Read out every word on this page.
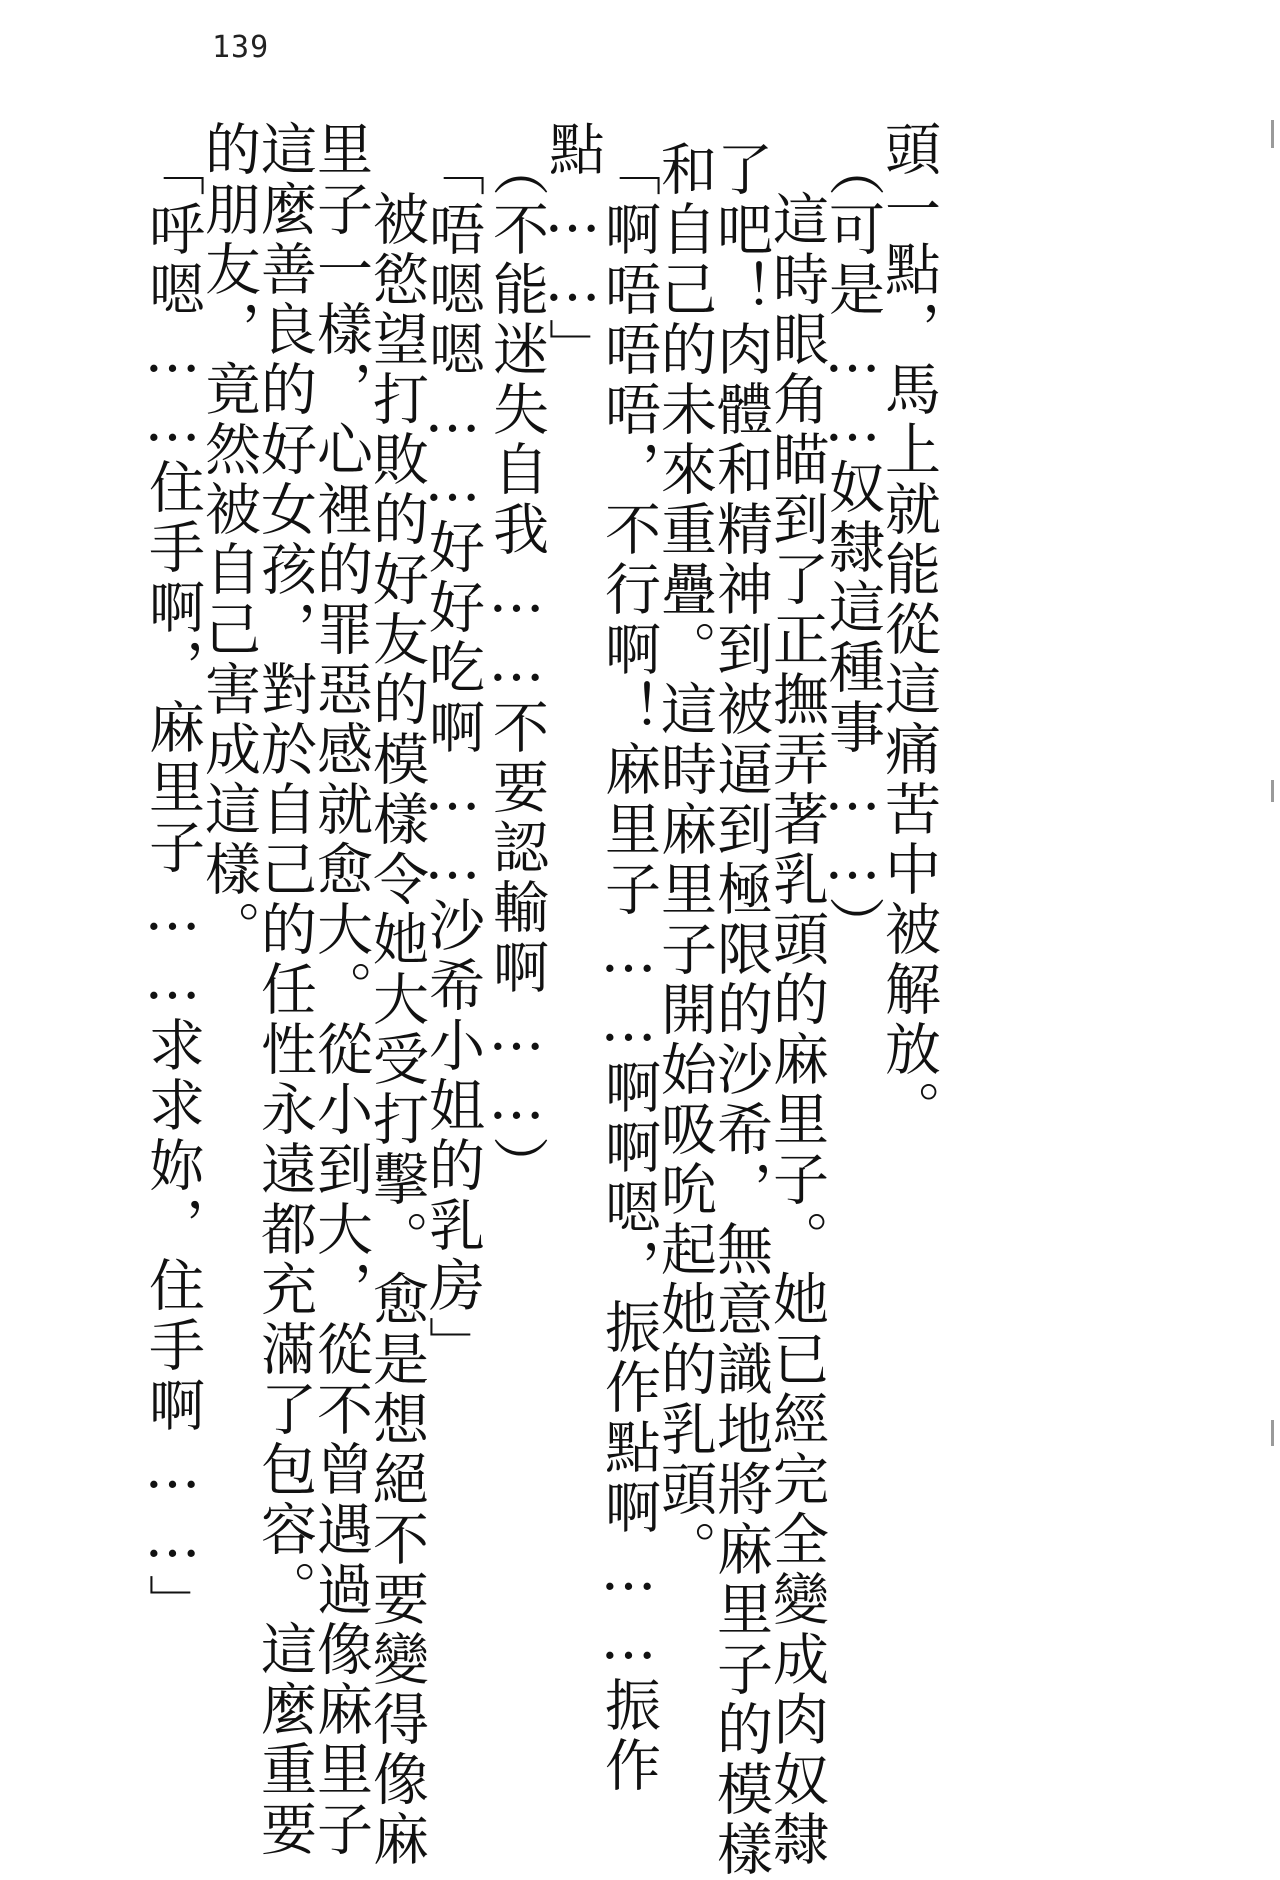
139
頭一點，馬上就能從這痛苦中被解放。
（可是……奴隸這種事……）
這時眼角瞄到了正撫弄著乳頭的麻里子。她已經完全變成肉奴隸
了吧！肉體和精神到被逼到極限的沙希，無意識地將麻里子的模樣
和自己的未來重疊。這時麻里子開始吸吮起她的乳頭。
「啊唔唔唔，不行啊！麻里子……啊啊嗯，振作點啊……振作
點……」
（不能迷失自我……不要認輸啊……）
「唔嗯嗯……好好吃啊……沙希小姐的乳房」
被慾望打敗的好友的模樣令她大受打擊。愈是想絕不要變得像麻
里子一樣，心裡的罪惡感就愈大。從小到大，從不曾遇過像麻里子
這麼善良的好女孩，對於自己的任性永遠都充滿了包容。這麼重要
的朋友，竟然被自己害成這樣。
「呼嗯……住手啊，麻里子……求求妳，住手啊……」
